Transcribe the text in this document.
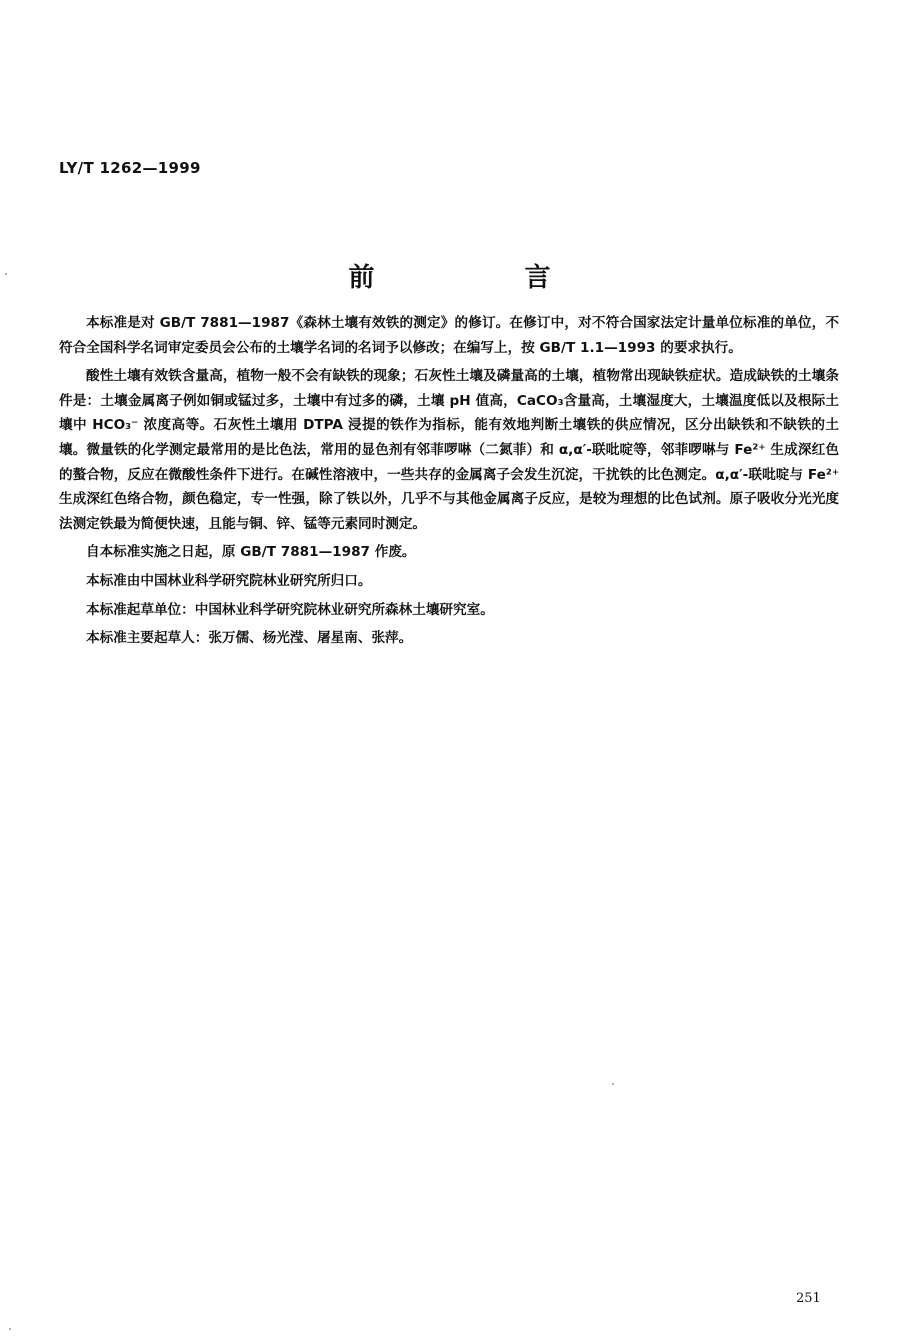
LY/T 1262—1999
前　言

本标准是对 GB/T 7881—1987《森林土壤有效铁的测定》的修订。在修订中，对不符合国家法定计量单位标准的单位，不符合全国科学名词审定委员会公布的土壤学名词的名词予以修改；在编写上，按 GB/T 1.1—1993 的要求执行。

酸性土壤有效铁含量高，植物一般不会有缺铁的现象；石灰性土壤及磷量高的土壤，植物常出现缺铁症状。造成缺铁的土壤条件是：土壤金属离子例如铜或锰过多，土壤中有过多的磷，土壤 pH 值高，CaCO₃含量高，土壤湿度大，土壤温度低以及根际土壤中 HCO₃⁻ 浓度高等。石灰性土壤用 DTPA 浸提的铁作为指标，能有效地判断土壤铁的供应情况，区分出缺铁和不缺铁的土壤。微量铁的化学测定最常用的是比色法，常用的显色剂有邻菲啰啉（二氮菲）和 α,α′-联吡啶等，邻菲啰啉与 Fe²⁺ 生成深红色的螯合物，反应在微酸性条件下进行。在碱性溶液中，一些共存的金属离子会发生沉淀，干扰铁的比色测定。α,α′-联吡啶与 Fe²⁺ 生成深红色络合物，颜色稳定，专一性强，除了铁以外，几乎不与其他金属离子反应，是较为理想的比色试剂。原子吸收分光光度法测定铁最为简便快速，且能与铜、锌、锰等元素同时测定。

自本标准实施之日起，原 GB/T 7881—1987 作废。

本标准由中国林业科学研究院林业研究所归口。

本标准起草单位：中国林业科学研究院林业研究所森林土壤研究室。

本标准主要起草人：张万儒、杨光滢、屠星南、张萍。

251
